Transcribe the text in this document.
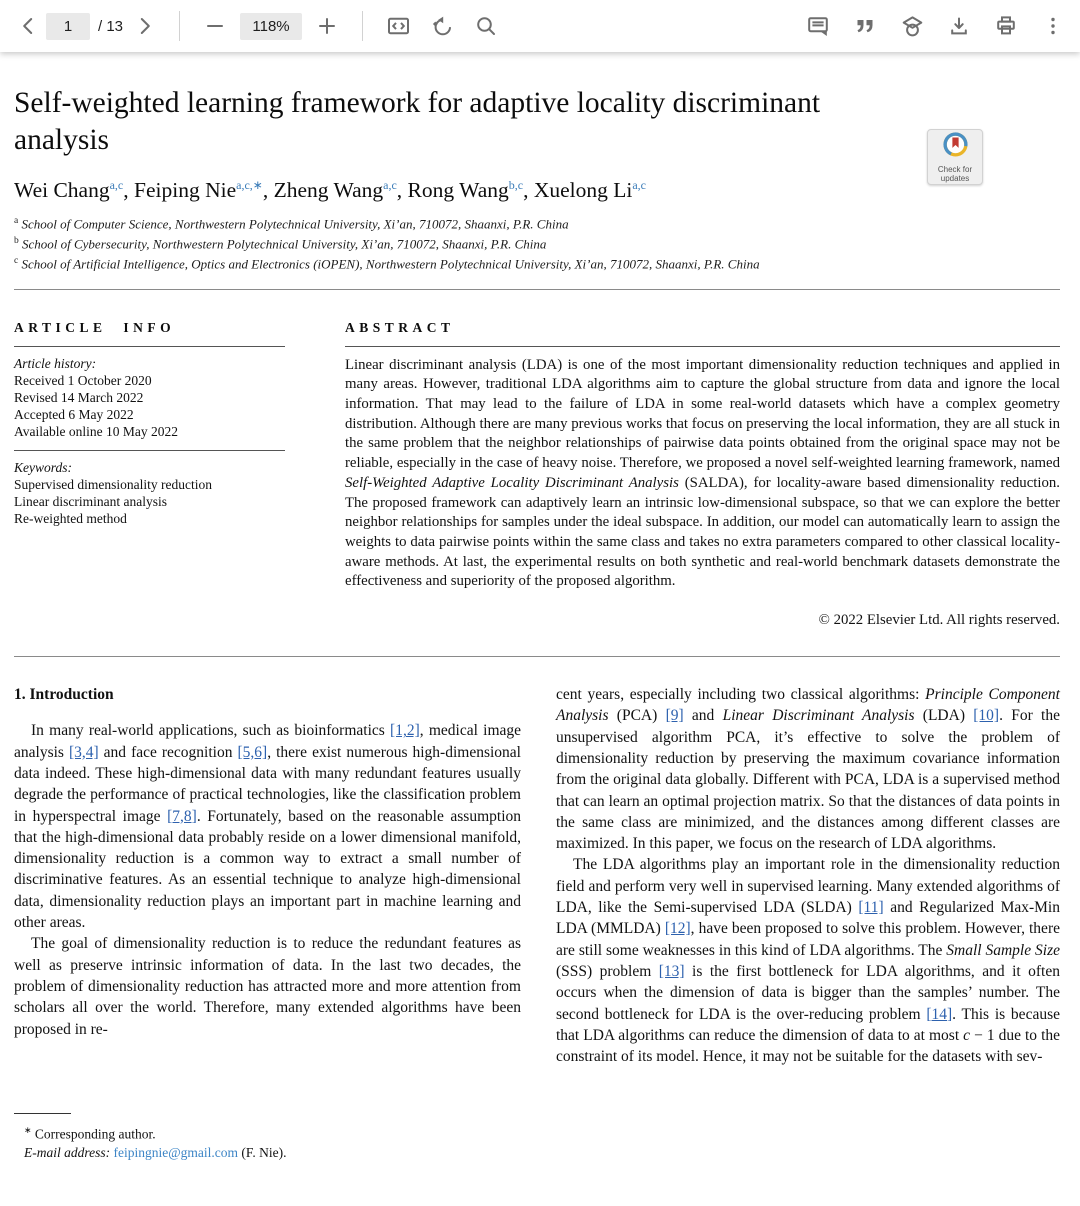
1
/ 13	118%
Self-weighted learning framework for adaptive locality discriminant analysis
Check for
updates
Wei Chang$^{a,c}$, Feiping Nie$^{a,c,∗}$, Zheng Wang$^{a,c}$, Rong Wang$^{b,c}$, Xuelong Li$^{a,c}$
$^a$ School of Computer Science, Northwestern Polytechnical University, Xi’an, 710072, Shaanxi, P.R. China
$^b$ School of Cybersecurity, Northwestern Polytechnical University, Xi’an, 710072, Shaanxi, P.R. China
$^c$ School of Artificial Intelligence, Optics and Electronics (iOPEN), Northwestern Polytechnical University, Xi’an, 710072, Shaanxi, P.R. China
ARTICLE INFO
Article history:
Received 1 October 2020
Revised 14 March 2022
Accepted 6 May 2022
Available online 10 May 2022
Keywords:
Supervised dimensionality reduction
Linear discriminant analysis
Re-weighted method
ABSTRACT
Linear discriminant analysis (LDA) is one of the most important dimensionality reduction techniques and applied in many areas. However, traditional LDA algorithms aim to capture the global structure from data and ignore the local information. That may lead to the failure of LDA in some real-world datasets which have a complex geometry distribution. Although there are many previous works that focus on preserving the local information, they are all stuck in the same problem that the neighbor relationships of pairwise data points obtained from the original space may not be reliable, especially in the case of heavy noise. Therefore, we proposed a novel self-weighted learning framework, named Self-Weighted Adaptive Locality Discriminant Analysis (SALDA), for locality-aware based dimensionality reduction. The proposed framework can adaptively learn an intrinsic low-dimensional subspace, so that we can explore the better neighbor relationships for samples under the ideal subspace. In addition, our model can automatically learn to assign the weights to data pairwise points within the same class and takes no extra parameters compared to other classical locality-aware methods. At last, the experimental results on both synthetic and real-world benchmark datasets demonstrate the effectiveness and superiority of the proposed algorithm.
© 2022 Elsevier Ltd. All rights reserved.
1. Introduction

In many real-world applications, such as bioinformatics [1,2], medical image analysis [3,4] and face recognition [5,6], there exist numerous high-dimensional data indeed. These high-dimensional data with many redundant features usually degrade the performance of practical technologies, like the classification problem in hyperspectral image [7,8]. Fortunately, based on the reasonable assumption that the high-dimensional data probably reside on a lower dimensional manifold, dimensionality reduction is a common way to extract a small number of discriminative features. As an essential technique to analyze high-dimensional data, dimensionality reduction plays an important part in machine learning and other areas.

The goal of dimensionality reduction is to reduce the redundant features as well as preserve intrinsic information of data. In the last two decades, the problem of dimensionality reduction has attracted more and more attention from scholars all over the world. Therefore, many extended algorithms have been proposed in re-

∗ Corresponding author.
E-mail address: feipingnie@gmail.com (F. Nie).

cent years, especially including two classical algorithms: Principle Component Analysis (PCA) [9] and Linear Discriminant Analysis (LDA) [10]. For the unsupervised algorithm PCA, it’s effective to solve the problem of dimensionality reduction by preserving the maximum covariance information from the original data globally. Different with PCA, LDA is a supervised method that can learn an optimal projection matrix. So that the distances of data points in the same class are minimized, and the distances among different classes are maximized. In this paper, we focus on the research of LDA algorithms.

The LDA algorithms play an important role in the dimensionality reduction field and perform very well in supervised learning. Many extended algorithms of LDA, like the Semi-supervised LDA (SLDA) [11] and Regularized Max-Min LDA (MMLDA) [12], have been proposed to solve this problem. However, there are still some weaknesses in this kind of LDA algorithms. The Small Sample Size (SSS) problem [13] is the first bottleneck for LDA algorithms, and it often occurs when the dimension of data is bigger than the samples’ number. The second bottleneck for LDA is the over-reducing problem [14]. This is because that LDA algorithms can reduce the dimension of data to at most c − 1 due to the constraint of its model. Hence, it may not be suitable for the datasets with sev-
